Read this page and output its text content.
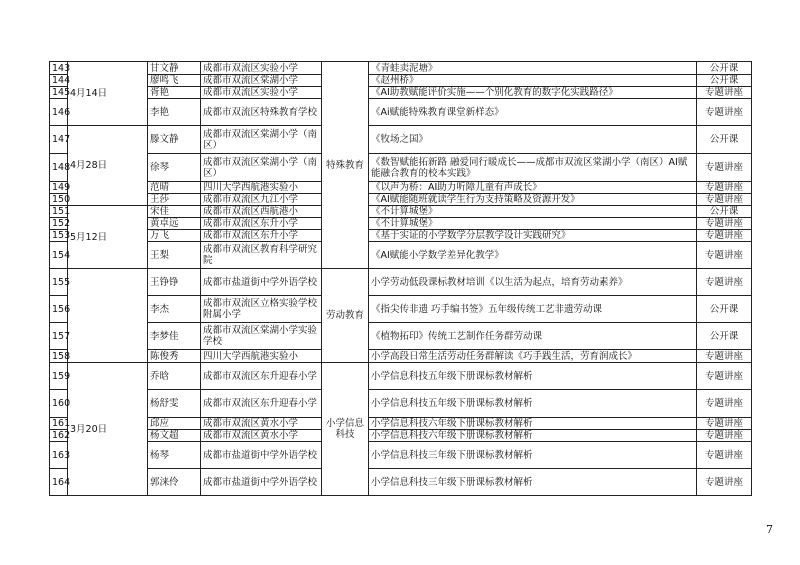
143	4月14日	甘文静	成都市双流区实验小学	特殊教育	《青蛙卖泥塘》	公开课
144		廖鸣飞	成都市双流区棠湖小学		《赵州桥》	公开课
145		胥艳	成都市双流区实验小学		《AI助教赋能评价实施——个别化教育的数字化实践路径》	专题讲座
146		李艳	成都市双流区特殊教育学校		《Ai赋能特殊教育课堂新样态》	专题讲座
147	4月28日	滕文静	成都市双流区棠湖小学（南区）		《牧场之国》	公开课
148		徐琴	成都市双流区棠湖小学（南区）		《数智赋能拓新路 融爱同行暖成长——成都市双流区棠湖小学（南区）AI赋能融合教育的校本实践》	专题讲座
149		范晴	四川大学西航港实验小		《以声为桥：AI助力听障儿童有声成长》	专题讲座
150		王莎	成都市双流区九江小学		《AI赋能随班就读学生行为支持策略及资源开发》	专题讲座
151	5月12日	宋佳	成都市双流区西航港小		《不计算城堡》	公开课
152		黄卓远	成都市双流区东升小学		《不计算城堡》	专题讲座
153		万飞	成都市双流区东升小学		《基于实证的小学数学分层教学设计实践研究》	专题讲座
154		王梨	成都市双流区教育科学研究院		《AI赋能小学数学差异化教学》	专题讲座
155		王铮铮	成都市盐道街中学外语学校	劳动教育	小学劳动低段课标教材培训《以生活为起点，培育劳动素养》	专题讲座
156		李杰	成都市双流区立格实验学校附属小学		《指尖传非遗 巧手编书签》五年级传统工艺非遗劳动课	公开课
157		李梦佳	成都市双流区棠湖小学实验学校		《植物拓印》传统工艺制作任务群劳动课	公开课
158		陈俊秀	四川大学西航港实验小		小学高段日常生活劳动任务群解读《巧手践生活，劳育润成长》	专题讲座
159	3月20日	乔晗	成都市双流区东升迎春小学	小学信息科技	小学信息科技五年级下册课标教材解析	专题讲座
160		杨舒雯	成都市双流区东升迎春小学		小学信息科技五年级下册课标教材解析	专题讲座
161		邱应	成都市双流区黄水小学		小学信息科技六年级下册课标教材解析	专题讲座
162		杨文超	成都市双流区黄水小学		小学信息科技六年级下册课标教材解析	专题讲座
163		杨琴	成都市盐道街中学外语学校		小学信息科技三年级下册课标教材解析	专题讲座
164		郭涞伶	成都市盐道街中学外语学校		小学信息科技三年级下册课标教材解析	专题讲座
7
